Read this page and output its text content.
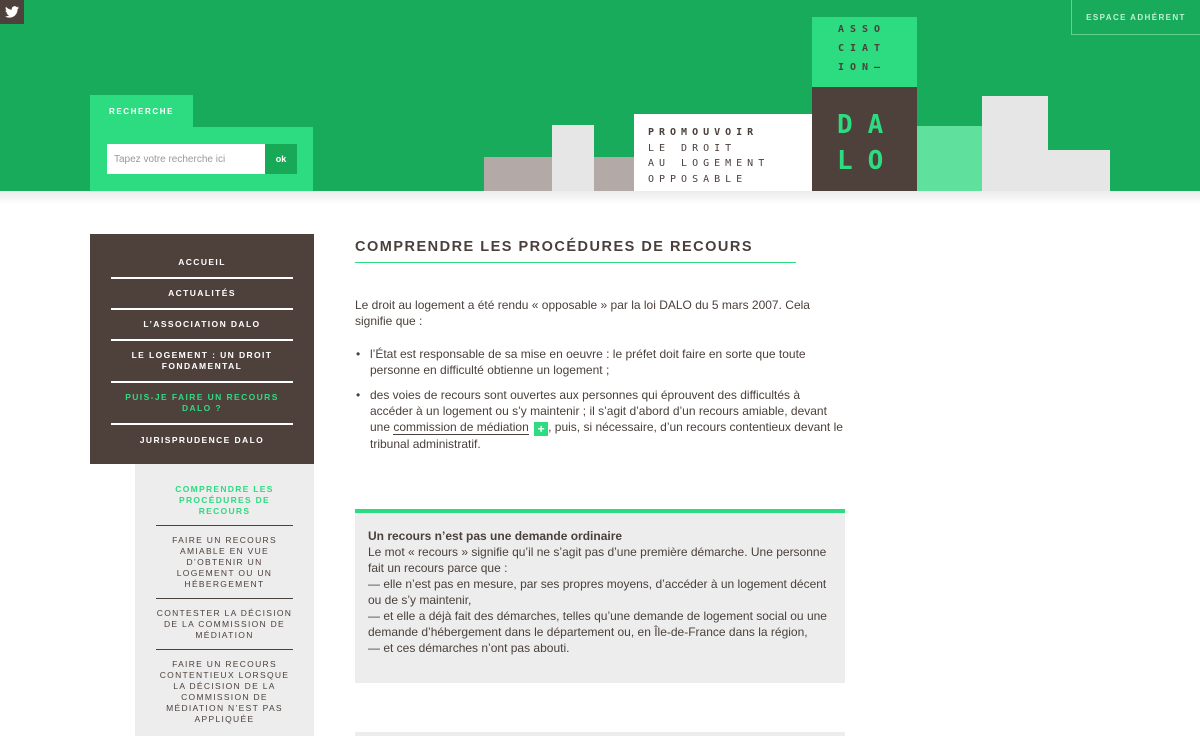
ESPACE ADHÉRENT
RECHERCHE
Tapez votre recherche ici
ok
PROMOUVOIR
LE DROIT
AU LOGEMENT
OPPOSABLE
ASSO
CIAT
ION–
DA
LO
ACCUEIL
ACTUALITÉS
L’ASSOCIATION DALO
LE LOGEMENT : UN DROIT FONDAMENTAL
PUIS-JE FAIRE UN RECOURS DALO ?
JURISPRUDENCE DALO
COMPRENDRE LES PROCÉDURES DE RECOURS
FAIRE UN RECOURS AMIABLE EN VUE D’OBTENIR UN LOGEMENT OU UN HÉBERGEMENT
CONTESTER LA DÉCISION DE LA COMMISSION DE MÉDIATION
FAIRE UN RECOURS CONTENTIEUX LORSQUE LA DÉCISION DE LA COMMISSION DE MÉDIATION N’EST PAS APPLIQUÉE
COMPRENDRE LES PROCÉDURES DE RECOURS

Le droit au logement a été rendu « opposable » par la loi DALO du 5 mars 2007. Cela signifie que :

• l’État est responsable de sa mise en oeuvre : le préfet doit faire en sorte que toute personne en difficulté obtienne un logement ;
• des voies de recours sont ouvertes aux personnes qui éprouvent des difficultés à accéder à un logement ou s’y maintenir ; il s’agit d’abord d’un recours amiable, devant une commission de médiation + , puis, si nécessaire, d’un recours contentieux devant le tribunal administratif.
Un recours n’est pas une demande ordinaire
Le mot « recours » signifie qu’il ne s’agit pas d’une première démarche. Une personne fait un recours parce que :
— elle n’est pas en mesure, par ses propres moyens, d’accéder à un logement décent ou de s’y maintenir,
— et elle a déjà fait des démarches, telles qu’une demande de logement social ou une demande d’hébergement dans le département ou, en Île-de-France dans la région,
— et ces démarches n’ont pas abouti.
